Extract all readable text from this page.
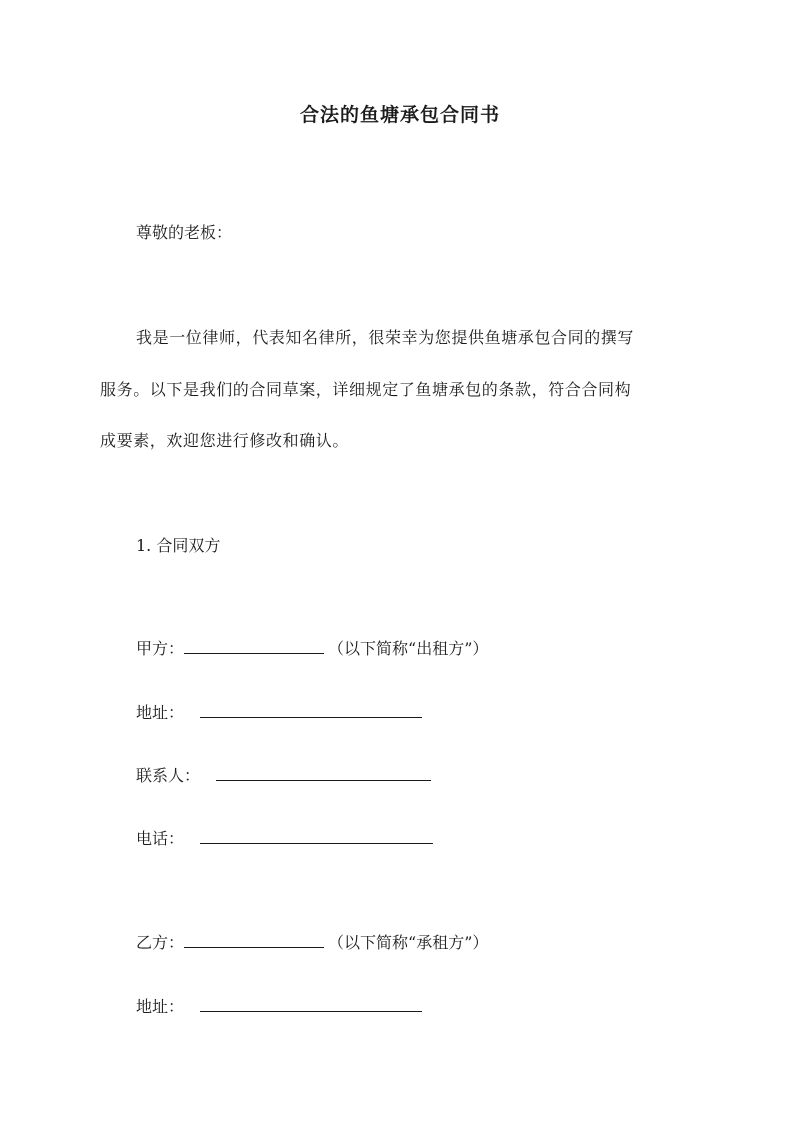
合法的鱼塘承包合同书
尊敬的老板：
我是一位律师，代表知名律所，很荣幸为您提供鱼塘承包合同的撰写
服务。以下是我们的合同草案，详细规定了鱼塘承包的条款，符合合同构
成要素，欢迎您进行修改和确认。
1. 合同双方
甲方：	（以下简称“出租方”）
地址：
联系人：
电话：
乙方：	（以下简称“承租方”）
地址：
